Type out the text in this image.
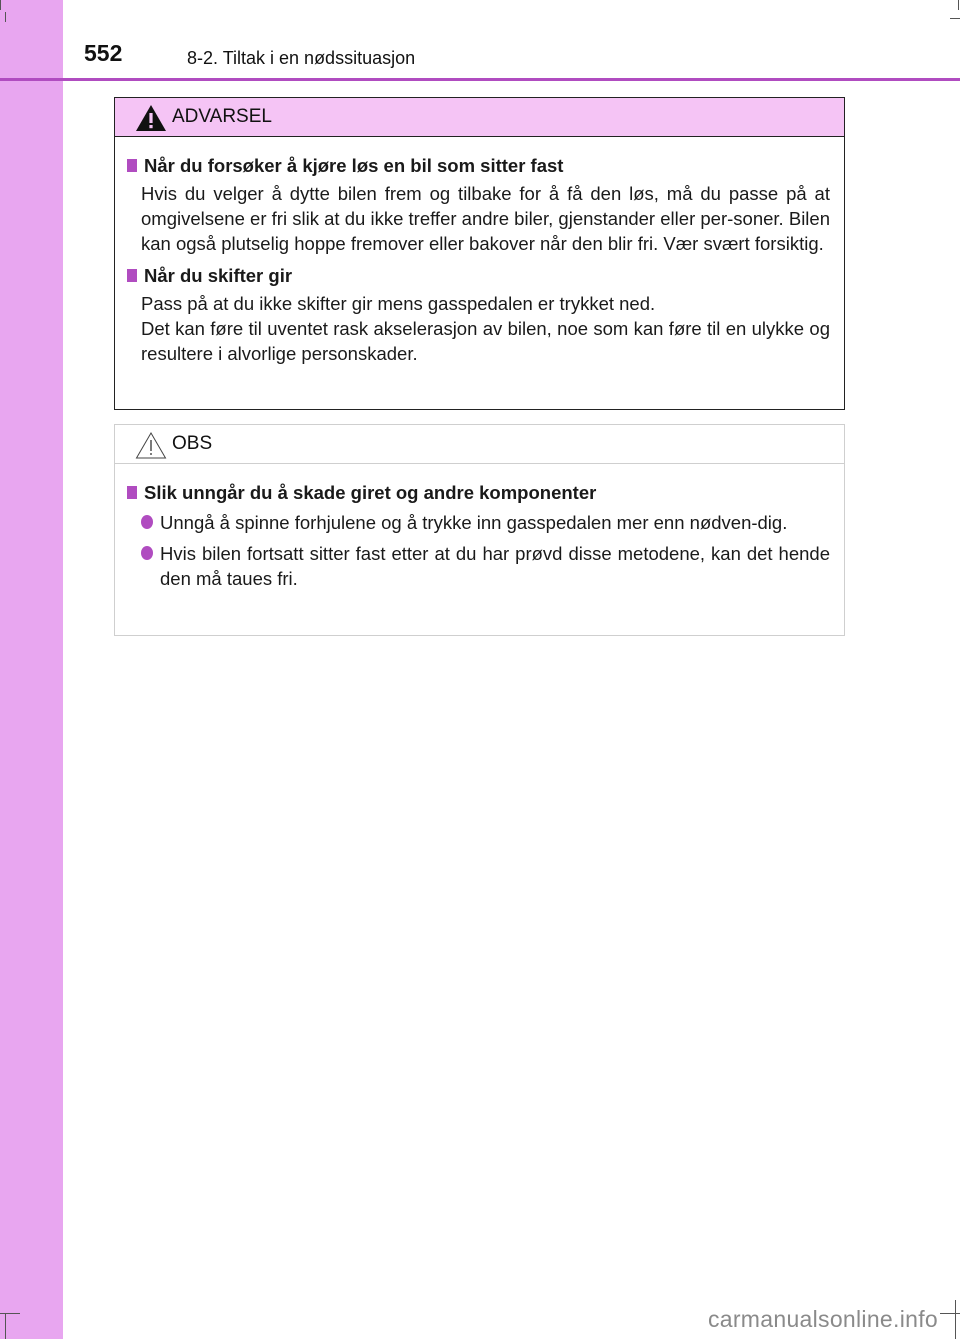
552	8-2. Tiltak i en nødssituasjon
ADVARSEL
Når du forsøker å kjøre løs en bil som sitter fast
Hvis du velger å dytte bilen frem og tilbake for å få den løs, må du passe på at omgivelsene er fri slik at du ikke treffer andre biler, gjenstander eller per-soner. Bilen kan også plutselig hoppe fremover eller bakover når den blir fri. Vær svært forsiktig.
Når du skifter gir
Pass på at du ikke skifter gir mens gasspedalen er trykket ned.
Det kan føre til uventet rask akselerasjon av bilen, noe som kan føre til en ulykke og resultere i alvorlige personskader.
OBS
Slik unngår du å skade giret og andre komponenter
Unngå å spinne forhjulene og å trykke inn gasspedalen mer enn nødven-dig.
Hvis bilen fortsatt sitter fast etter at du har prøvd disse metodene, kan det hende den må taues fri.
carmanualsonline.info
